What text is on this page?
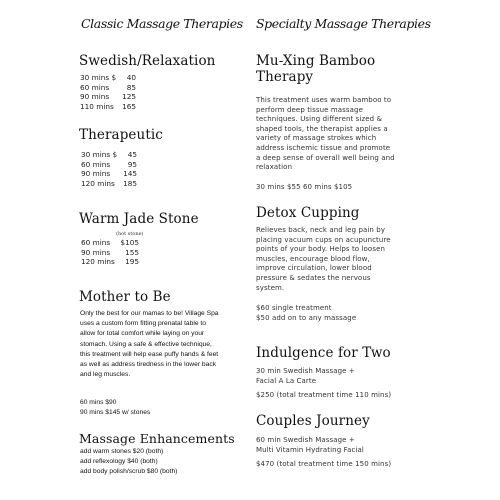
Classic Massage Therapies
Swedish/Relaxation
30 mins $	40
60 mins	85
90 mins	125
110 mins	165
Therapeutic
30 mins $	45
60 mins	95
90 mins	145
120 mins	185
Warm Jade Stone
(hot stone)
60 mins	$105
90 mins	155
120 mins	195
Mother to Be
Only the best for our mamas to be! Village Spa
uses a custom form fitting prenatal table to
allow for total comfort while laying on your
stomach. Using a safe & effective technique,
this treatment will help ease puffy hands & feet
as well as address tiredness in the lower back
and leg muscles.
60 mins $90
90 mins $145 w/ stones
Massage Enhancements
add warm stones $20 (both)
add reflexology $40 (both)
add body polish/scrub $80 (both)
Specialty Massage Therapies
Mu-Xing Bamboo
Therapy
This treatment uses warm bamboo to
perform deep tissue massage
techniques. Using different sized &
shaped tools, the therapist applies a
variety of massage strokes which
address ischemic tissue and promote
a deep sense of overall well being and
relaxation
30 mins $55 60 mins $105
Detox Cupping
Relieves back, neck and leg pain by
placing vacuum cups on acupuncture
points of your body. Helps to loosen
muscles, encourage blood flow,
improve circulation, lower blood
pressure & sedates the nervous
system.
$60 single treatment
$50 add on to any massage
Indulgence for Two
30 min Swedish Massage +
Facial A La Carte
$250 (total treatment time 110 mins)
Couples Journey
60 min Swedish Massage +
Multi Vitamin Hydrating Facial
$470 (total treatment time 150 mins)
